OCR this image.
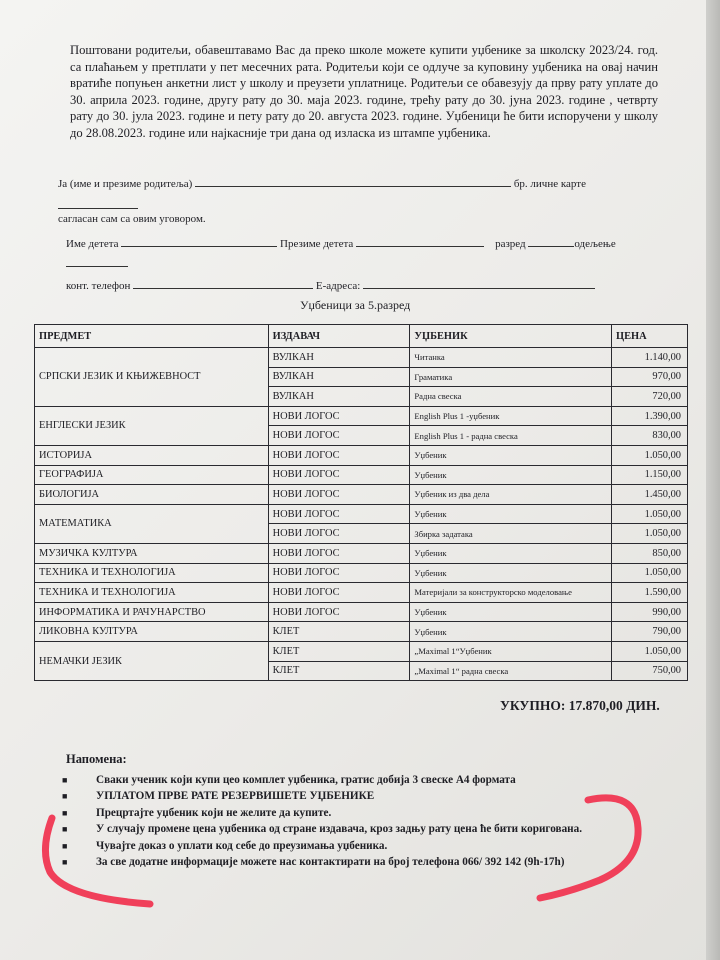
Поштовани родитељи, обавештавамо Вас да преко школе можете купити уџбенике за школску 2023/24. год. са плаћањем у претплати у пет месечних рата. Родитељи који се одлуче за куповину уџбеника на овај начин вратиће попуњен анкетни лист у школу и преузети уплатнице. Родитељи се обавезују да прву рату уплате до 30. априла 2023. године, другу рату до 30. маја 2023. године, трећу рату до 30. јуна 2023. године , четврту рату до 30. јула 2023. године и пету рату до 20. августа 2023. године. Уџбеници ће бити испоручени у школу до 28.08.2023. године или најкасније три дана од изласка из штампе уџбеника.
Ја (име и презиме родитеља)	бр. личне карте
сагласан сам са овим уговором.
Име детета	Презиме детета	разред	одељење
конт. телефон	Е-адреса:
Уџбеници за 5.разред
ПРЕДМЕТ	ИЗДАВАЧ	УЏБЕНИК	ЦЕНА
СРПСКИ ЈЕЗИК И КЊИЖЕВНОСТ	ВУЛКАН	Читанка	1.140,00
	ВУЛКАН	Граматика	970,00
	ВУЛКАН	Радна свеска	720,00
ЕНГЛЕСКИ ЈЕЗИК	НОВИ ЛОГОС	English Plus 1 -уџбеник	1.390,00
	НОВИ ЛОГОС	English Plus 1 - радна свеска	830,00
ИСТОРИЈА	НОВИ ЛОГОС	Уџбеник	1.050,00
ГЕОГРАФИЈА	НОВИ ЛОГОС	Уџбеник	1.150,00
БИОЛОГИЈА	НОВИ ЛОГОС	Уџбеник из два дела	1.450,00
МАТЕМАТИКА	НОВИ ЛОГОС	Уџбеник	1.050,00
	НОВИ ЛОГОС	Збирка задатака	1.050,00
МУЗИЧКА КУЛТУРА	НОВИ ЛОГОС	Уџбеник	850,00
ТЕХНИКА И ТЕХНОЛОГИЈА	НОВИ ЛОГОС	Уџбеник	1.050,00
ТЕХНИКА И ТЕХНОЛОГИЈА	НОВИ ЛОГОС	Материјали за конструкторско моделовање	1.590,00
ИНФОРМАТИКА И РАЧУНАРСТВО	НОВИ ЛОГОС	Уџбеник	990,00
ЛИКОВНА КУЛТУРА	КЛЕТ	Уџбеник	790,00
НЕМАЧКИ ЈЕЗИК	КЛЕТ	„Maximal 1“Уџбеник	1.050,00
	КЛЕТ	„Maximal 1“ радна свеска	750,00
УКУПНО: 17.870,00 ДИН.
Напомена:
■	Сваки ученик који купи цео комплет уџбеника, гратис добија 3 свеске А4 формата
■	УПЛАТОМ ПРВЕ РАТЕ РЕЗЕРВИШЕТЕ УЏБЕНИКЕ
■	Прецртајте уџбеник који не желите да купите.
■	У случају промене цена уџбеника од стране издавача, кроз задњу рату цена ће бити коригована.
■	Чувајте доказ о уплати код себе до преузимања уџбеника.
■	За све додатне информације можете нас контактирати на број телефона 066/ 392 142 (9h-17h)
